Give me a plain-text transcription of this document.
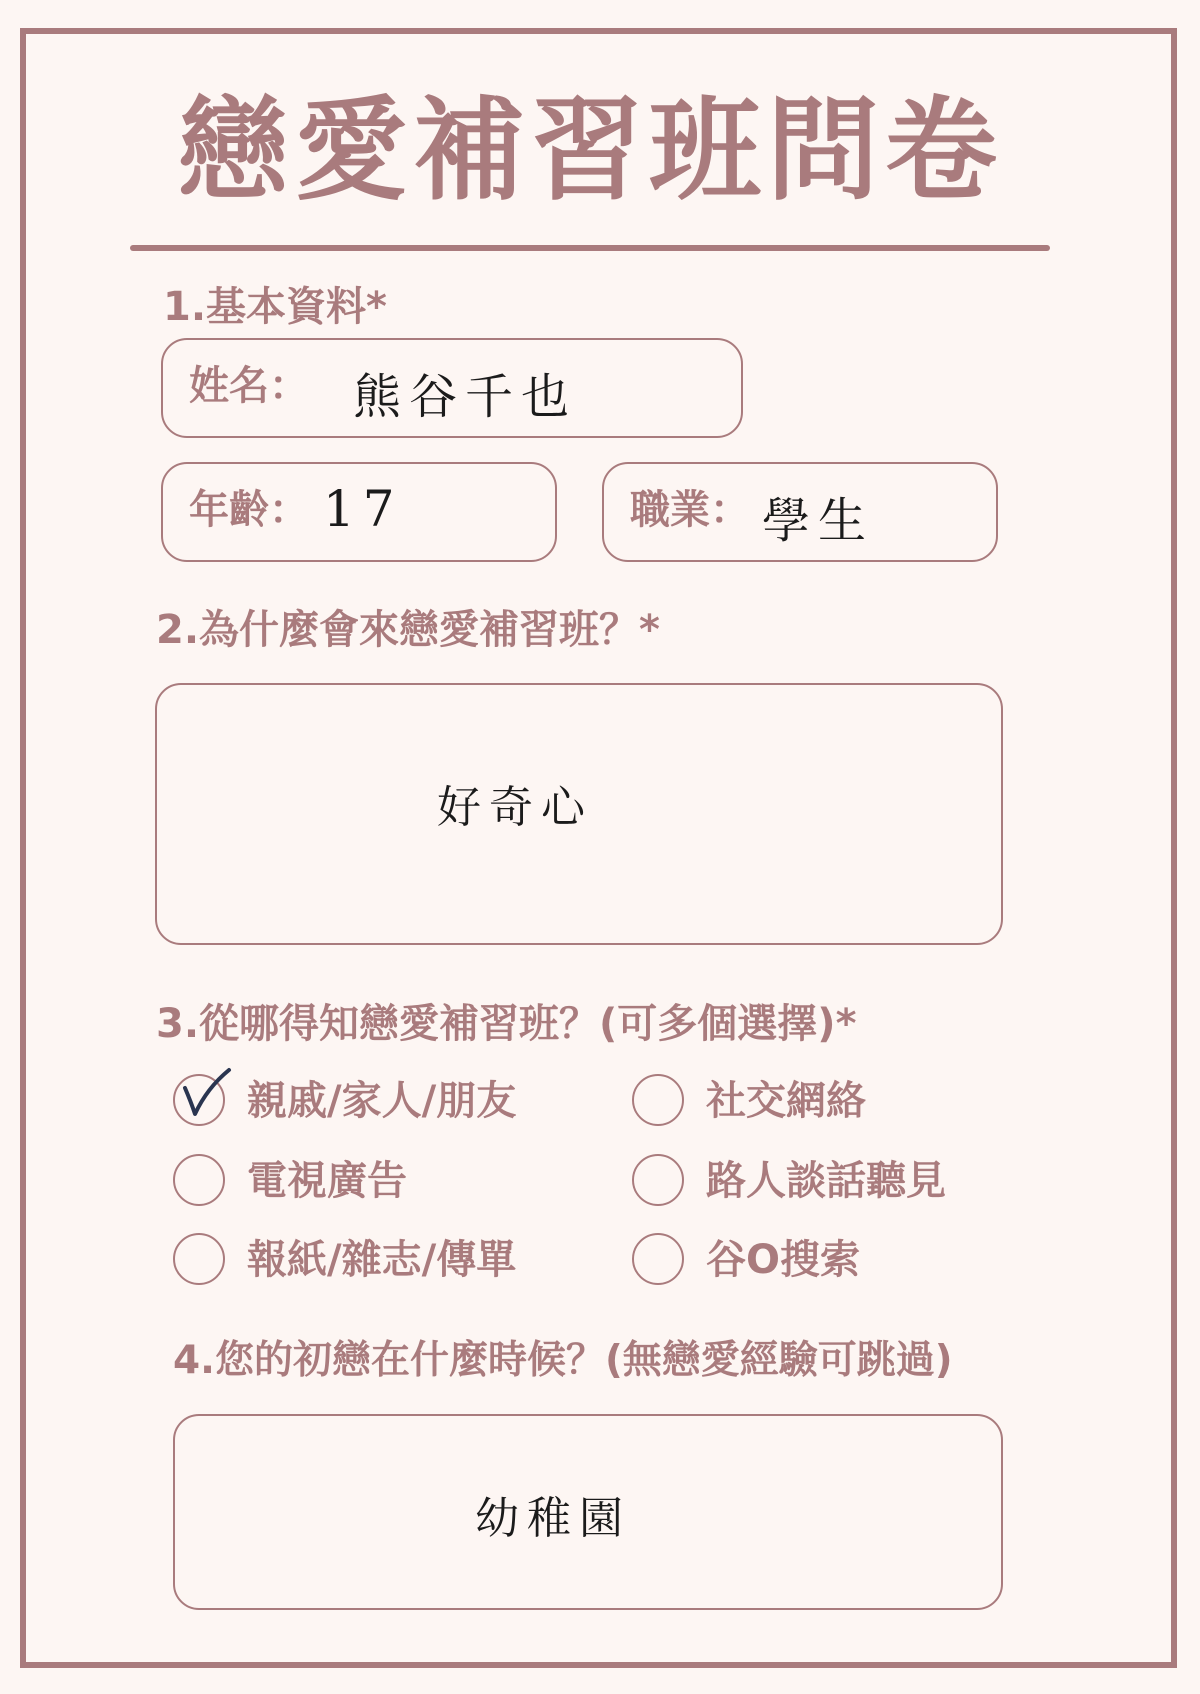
戀愛補習班問卷
1.基本資料*
姓名： 熊谷千也
年齡： 17	職業： 學生
2.為什麼會來戀愛補習班？*
好奇心
3.從哪得知戀愛補習班？(可多個選擇)*
親戚/家人/朋友	社交網絡
電視廣告	路人談話聽見
報紙/雜志/傳單	谷O搜索
4.您的初戀在什麼時候？(無戀愛經驗可跳過)
幼稚園
